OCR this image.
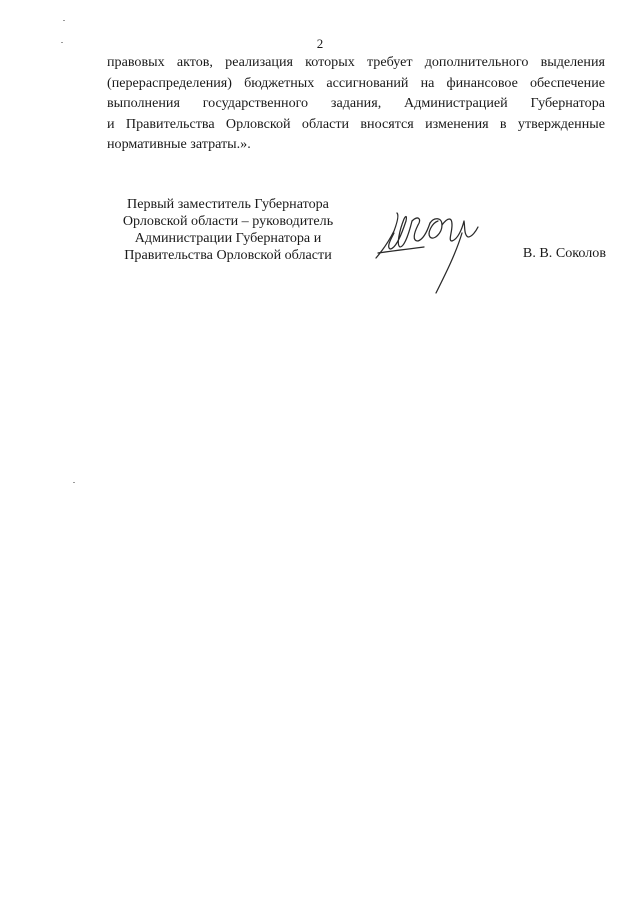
2
правовых актов, реализация которых требует дополнительного выделения
(перераспределения) бюджетных ассигнований на финансовое обеспечение
выполнения государственного задания, Администрацией Губернатора
и Правительства Орловской области вносятся изменения в утвержденные
нормативные затраты.».
Первый заместитель Губернатора
Орловской области – руководитель
Администрации Губернатора и
Правительства Орловской области	В. В. Соколов
